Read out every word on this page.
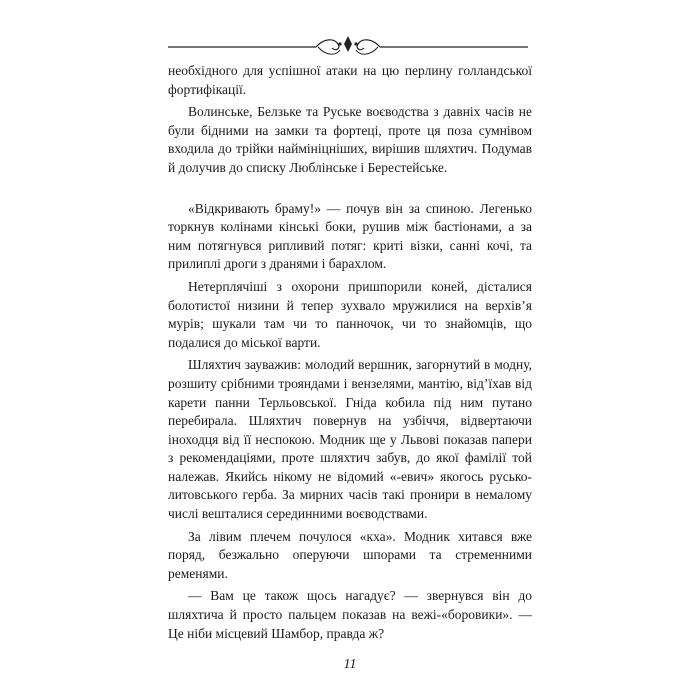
необхідного для успішної атаки на цю перлину голландської фортифікації.

Волинське, Белзьке та Руське воєводства з давніх часів не були бідними на замки та фортеці, проте ця поза сумнівом входила до трійки наймініцніших, вирішив шляхтич. Подумав й долучив до списку Люблінське і Берестейське.

«Відкривають браму!» — почув він за спиною. Легенько торкнув колінами кінські боки, рушив між бастіонами, а за ним потягнувся рипливий потяг: криті візки, санні кочі, та прилиплі дроги з дранями і барахлом.

Нетерплячіші з охорони пришпорили коней, дісталися болотистої низини й тепер зухвало мружилися на верхів’я мурів; шукали там чи то панночок, чи то знайомців, що подалися до міської варти.

Шляхтич зауважив: молодий вершник, загорнутий в модну, розшиту срібними трояндами і вензелями, мантію, від’їхав від карети панни Терльовської. Гніда кобила під ним путано перебирала. Шляхтич повернув на узбіччя, відвертаючи іноходця від її неспокою. Модник ще у Львові показав папери з рекомендаціями, проте шляхтич забув, до якої фамілії той належав. Якийсь нікому не відомий «-евич» якогось русько-литовського герба. За мирних часів такі пронири в немалому числі вешталися серединними воєводствами.

За лівим плечем почулося «кха». Модник хитався вже поряд, безжально оперуючи шпорами та стременними ременями.

— Вам це також щось нагадує? — звернувся він до шляхтича й просто пальцем показав на вежі-«боровики». — Це ніби місцевий Шамбор, правда ж?

11
